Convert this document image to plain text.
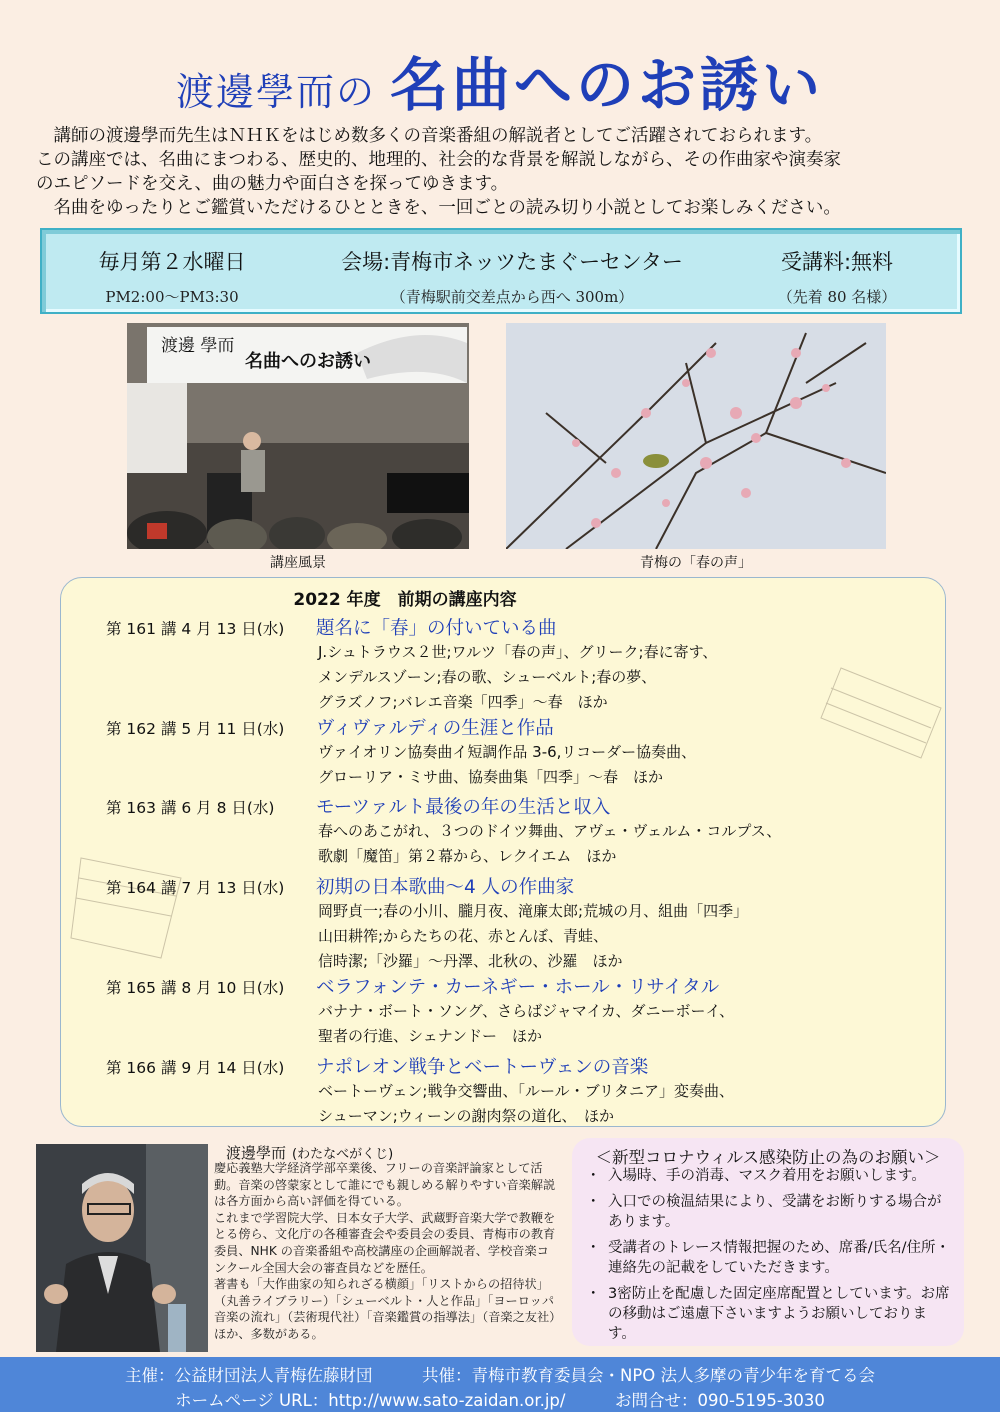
渡邊學而の 名曲へのお誘い

　講師の渡邊學而先生はＮＨＫをはじめ数多くの音楽番組の解説者としてご活躍されておられます。

この講座では、名曲にまつわる、歴史的、地理的、社会的な背景を解説しながら、その作曲家や演奏家

のエピソードを交え、曲の魅力や面白さを探ってゆきます。

　名曲をゆったりとご鑑賞いただけるひとときを、一回ごとの読み切り小説としてお楽しみください。

毎月第２水曜日
PM2:00～PM3:30
会場:青梅市ネッツたまぐーセンター
（青梅駅前交差点から西へ 300m）
受講料:無料
（先着 80 名様）
渡邊 學而
名曲へのお誘い
講座風景	青梅の「春の声」
2022 年度　前期の講座内容
第 161 講 4 月 13 日(水) 題名に「春」の付いている曲
J.シュトラウス２世;ワルツ「春の声」、グリーク;春に寄す、
メンデルスゾーン;春の歌、シューベルト;春の夢、
グラズノフ;バレエ音楽「四季」～春　ほか
第 162 講 5 月 11 日(水) ヴィヴァルディの生涯と作品
ヴァイオリン協奏曲イ短調作品 3-6,リコーダー協奏曲、
グローリア・ミサ曲、協奏曲集「四季」～春　ほか
第 163 講 6 月 8 日(水) モーツァルト最後の年の生活と収入
春へのあこがれ、３つのドイツ舞曲、アヴェ・ヴェルム・コルプス、
歌劇「魔笛」第２幕から、レクイエム　ほか
第 164 講 7 月 13 日(水) 初期の日本歌曲～4 人の作曲家
岡野貞一;春の小川、朧月夜、滝廉太郎;荒城の月、組曲「四季」
山田耕筰;からたちの花、赤とんぼ、青蛙、
信時潔;「沙羅」～丹澤、北秋の、沙羅　ほか
第 165 講 8 月 10 日(水) ベラフォンテ・カーネギー・ホール・リサイタル
バナナ・ボート・ソング、さらばジャマイカ、ダニーボーイ、
聖者の行進、シェナンドー　ほか
第 166 講 9 月 14 日(水) ナポレオン戦争とベートーヴェンの音楽
ベートーヴェン;戦争交響曲、「ルール・ブリタニア」変奏曲、
シューマン;ウィーンの謝肉祭の道化、　ほか
渡邊學而 (わたなべがくじ)
慶応義塾大学経済学部卒業後、フリーの音楽評論家として活動。音楽の啓蒙家として誰にでも親しめる解りやすい音楽解説は各方面から高い評価を得ている。
これまで学習院大学、日本女子大学、武蔵野音楽大学で教鞭をとる傍ら、文化庁の各種審査会や委員会の委員、青梅市の教育委員、NHK の音楽番組や高校講座の企画解説者、学校音楽コンクール全国大会の審査員などを歴任。
著書も「大作曲家の知られざる横顔」「リストからの招待状」（丸善ライブラリー）「シューベルト・人と作品」「ヨーロッパ音楽の流れ」（芸術現代社）「音楽鑑賞の指導法」（音楽之友社）ほか、多数がある。
・ 入場時、手の消毒、マスク着用をお願いします。
・ 入口での検温結果により、受講をお断りする場合があります。
・ 受講者のトレース情報把握のため、席番/氏名/住所・連絡先の記載をしていただきます。
・ 3密防止を配慮した固定座席配置としています。お席の移動はご遠慮下さいますようお願いしております。
＜新型コロナウィルス感染防止の為のお願い＞
主催：公益財団法人青梅佐藤財団　　　共催：青梅市教育委員会・NPO 法人多摩の青少年を育てる会
ホームページ URL：http://www.sato-zaidan.or.jp/　　　お問合せ：090-5195-3030
